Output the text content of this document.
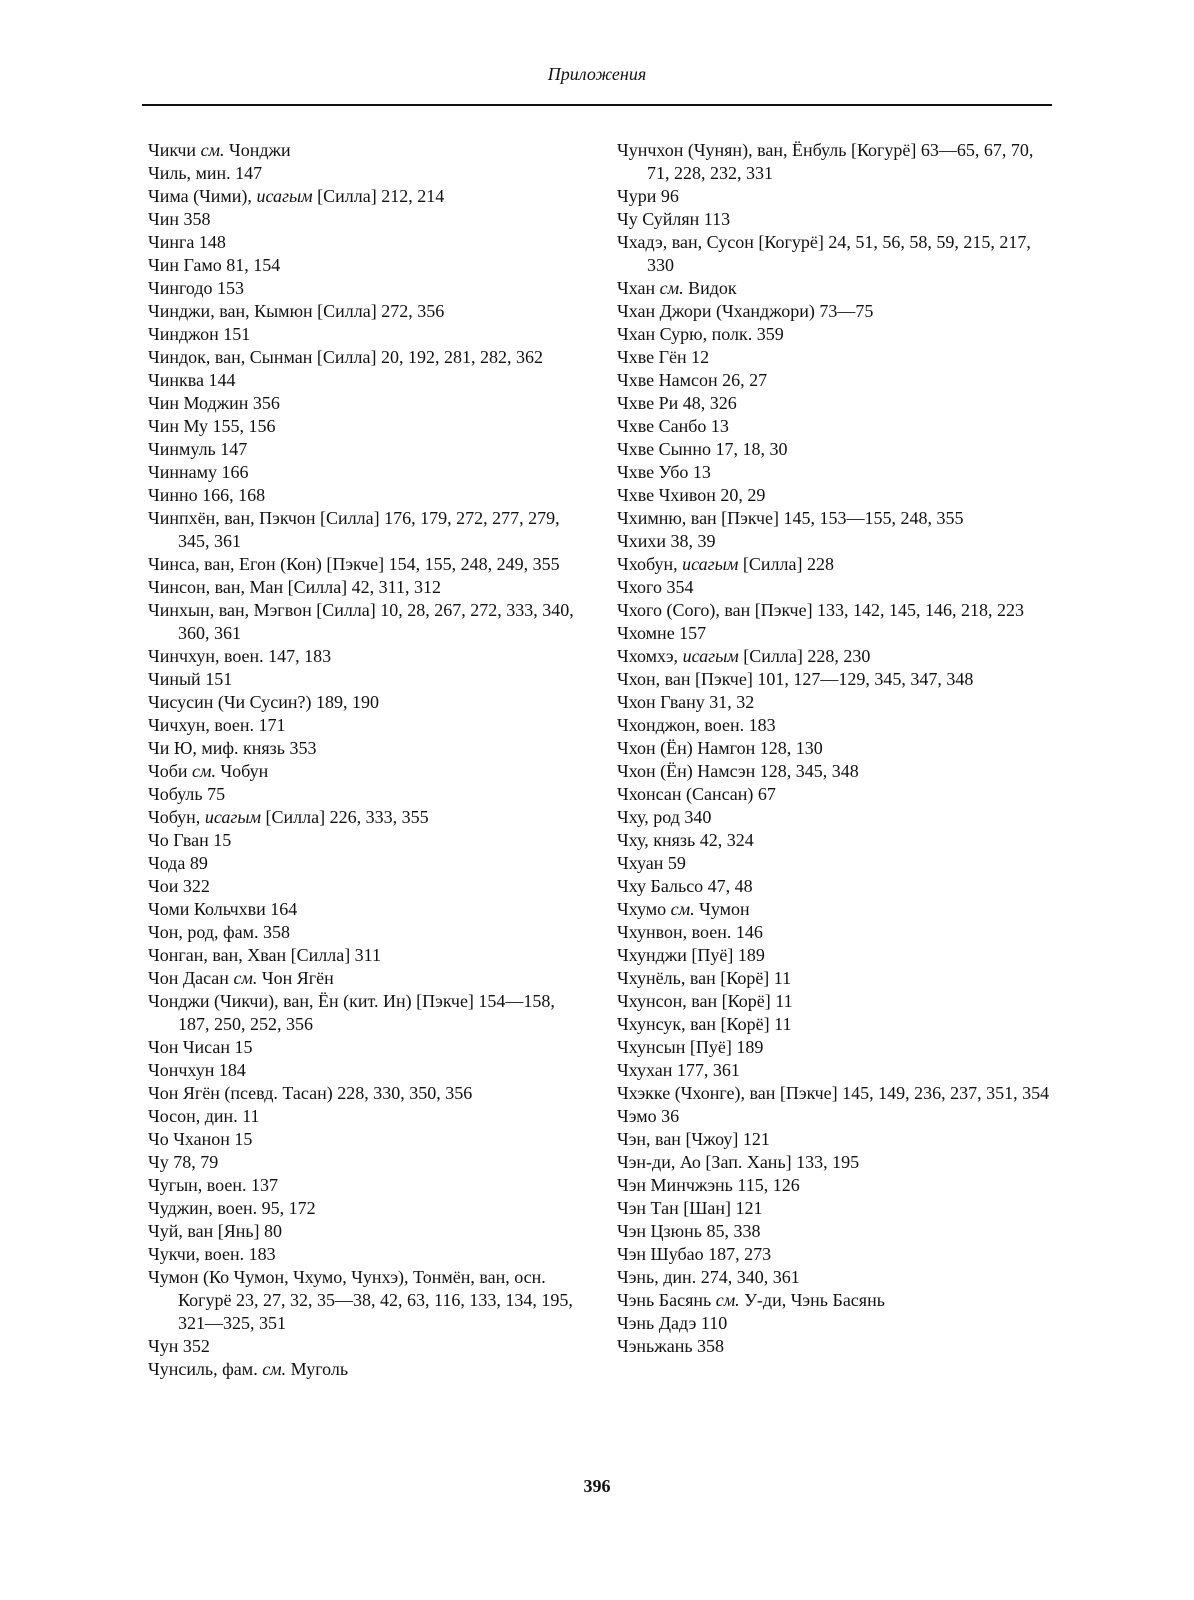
Приложения
Чикчи см. Чонджи
Чиль, мин. 147
Чима (Чими), исагым [Силла] 212, 214
Чин 358
Чинга 148
Чин Гамо 81, 154
Чингодо 153
Чинджи, ван, Кымюн [Силла] 272, 356
Чинджон 151
Чиндок, ван, Сынман [Силла] 20, 192, 281, 282, 362
Чинква 144
Чин Моджин 356
Чин Му 155, 156
Чинмуль 147
Чиннаму 166
Чинно 166, 168
Чинпхён, ван, Пэкчон [Силла] 176, 179, 272, 277, 279, 345, 361
Чинса, ван, Егон (Кон) [Пэкче] 154, 155, 248, 249, 355
Чинсон, ван, Ман [Силла] 42, 311, 312
Чинхын, ван, Мэгвон [Силла] 10, 28, 267, 272, 333, 340, 360, 361
Чинчхун, воен. 147, 183
Чиный 151
Чисусин (Чи Сусин?) 189, 190
Чичхун, воен. 171
Чи Ю, миф. князь 353
Чоби см. Чобун
Чобуль 75
Чобун, исагым [Силла] 226, 333, 355
Чо Гван 15
Чода 89
Чои 322
Чоми Кольчхви 164
Чон, род, фам. 358
Чонган, ван, Хван [Силла] 311
Чон Дасан см. Чон Ягён
Чонджи (Чикчи), ван, Ён (кит. Ин) [Пэкче] 154—158, 187, 250, 252, 356
Чон Чисан 15
Чончхун 184
Чон Ягён (псевд. Тасан) 228, 330, 350, 356
Чосон, дин. 11
Чо Чханон 15
Чу 78, 79
Чугын, воен. 137
Чуджин, воен. 95, 172
Чуй, ван [Янь] 80
Чукчи, воен. 183
Чумон (Ко Чумон, Чхумо, Чунхэ), Тонмён, ван, осн. Когурё 23, 27, 32, 35—38, 42, 63, 116, 133, 134, 195, 321—325, 351
Чун 352
Чунсиль, фам. см. Муголь
Чунчхон (Чунян), ван, Ёнбуль [Когурё] 63—65, 67, 70, 71, 228, 232, 331
Чури 96
Чу Суйлян 113
Чхадэ, ван, Сусон [Когурё] 24, 51, 56, 58, 59, 215, 217, 330
Чхан см. Видок
Чхан Джори (Чханджори) 73—75
Чхан Сурю, полк. 359
Чхве Гён 12
Чхве Намсон 26, 27
Чхве Ри 48, 326
Чхве Санбо 13
Чхве Сынно 17, 18, 30
Чхве Убо 13
Чхве Чхивон 20, 29
Чхимню, ван [Пэкче] 145, 153—155, 248, 355
Чхихи 38, 39
Чхобун, исагым [Силла] 228
Чхого 354
Чхого (Сого), ван [Пэкче] 133, 142, 145, 146, 218, 223
Чхомне 157
Чхомхэ, исагым [Силла] 228, 230
Чхон, ван [Пэкче] 101, 127—129, 345, 347, 348
Чхон Гвану 31, 32
Чхонджон, воен. 183
Чхон (Ён) Намгон 128, 130
Чхон (Ён) Намсэн 128, 345, 348
Чхонсан (Сансан) 67
Чху, род 340
Чху, князь 42, 324
Чхуан 59
Чху Бальсо 47, 48
Чхумо см. Чумон
Чхунвон, воен. 146
Чхунджи [Пуё] 189
Чхунёль, ван [Корё] 11
Чхунсон, ван [Корё] 11
Чхунсук, ван [Корё] 11
Чхунсын [Пуё] 189
Чхухан 177, 361
Чхэкке (Чхонге), ван [Пэкче] 145, 149, 236, 237, 351, 354
Чэмо 36
Чэн, ван [Чжоу] 121
Чэн-ди, Ао [Зап. Хань] 133, 195
Чэн Минчжэнь 115, 126
Чэн Тан [Шан] 121
Чэн Цзюнь 85, 338
Чэн Шубао 187, 273
Чэнь, дин. 274, 340, 361
Чэнь Басянь см. У-ди, Чэнь Басянь
Чэнь Дадэ 110
Чэньжань 358
396
